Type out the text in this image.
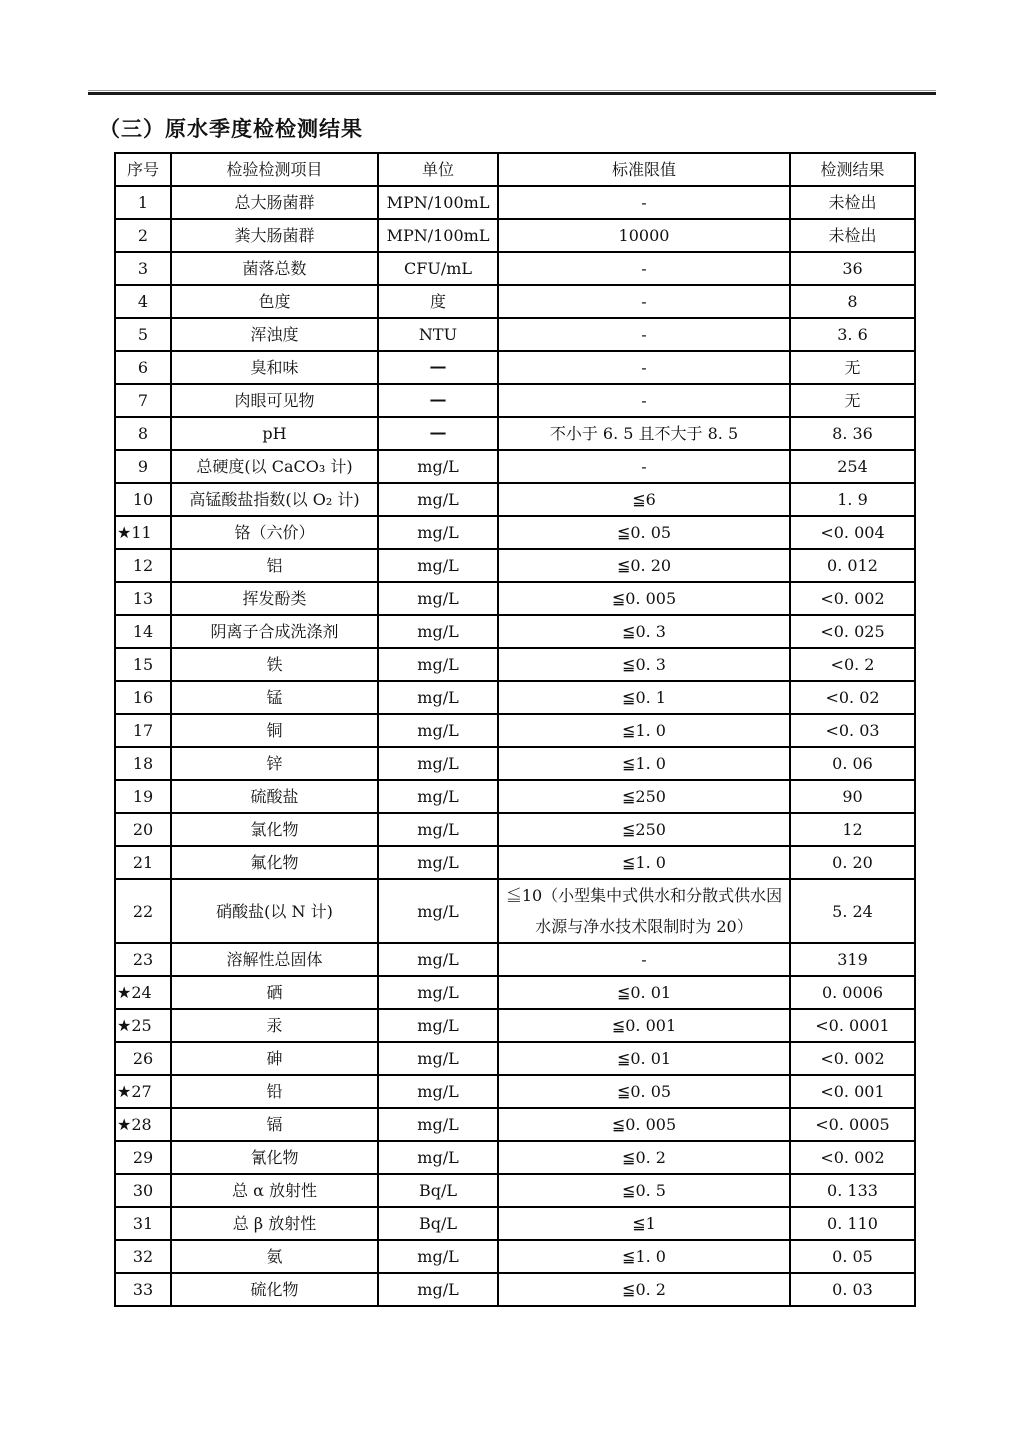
（三）原水季度检检测结果
序号	检验检测项目	单位	标准限值	检测结果
1	总大肠菌群	MPN/100mL	-	未检出
2	粪大肠菌群	MPN/100mL	10000	未检出
3	菌落总数	CFU/mL	-	36
4	色度	度	-	8
5	浑浊度	NTU	-	3. 6
6	臭和味	—	-	无
7	肉眼可见物	—	-	无
8	pH	—	不小于 6. 5 且不大于 8. 5	8. 36
9	总硬度(以 CaCO₃ 计)	mg/L	-	254
10	高锰酸盐指数(以 O₂ 计)	mg/L	≦6	1. 9
★11	铬（六价）	mg/L	≦0. 05	<0. 004
12	铝	mg/L	≦0. 20	0. 012
13	挥发酚类	mg/L	≦0. 005	<0. 002
14	阴离子合成洗涤剂	mg/L	≦0. 3	<0. 025
15	铁	mg/L	≦0. 3	<0. 2
16	锰	mg/L	≦0. 1	<0. 02
17	铜	mg/L	≦1. 0	<0. 03
18	锌	mg/L	≦1. 0	0. 06
19	硫酸盐	mg/L	≦250	90
20	氯化物	mg/L	≦250	12
21	氟化物	mg/L	≦1. 0	0. 20
22	硝酸盐(以 N 计)	mg/L	≦10（小型集中式供水和分散式供水因水源与净水技术限制时为 20）	5. 24
23	溶解性总固体	mg/L	-	319
★24	硒	mg/L	≦0. 01	0. 0006
★25	汞	mg/L	≦0. 001	<0. 0001
26	砷	mg/L	≦0. 01	<0. 002
★27	铅	mg/L	≦0. 05	<0. 001
★28	镉	mg/L	≦0. 005	<0. 0005
29	氰化物	mg/L	≦0. 2	<0. 002
30	总 α 放射性	Bq/L	≦0. 5	0. 133
31	总 β 放射性	Bq/L	≦1	0. 110
32	氨	mg/L	≦1. 0	0. 05
33	硫化物	mg/L	≦0. 2	0. 03
